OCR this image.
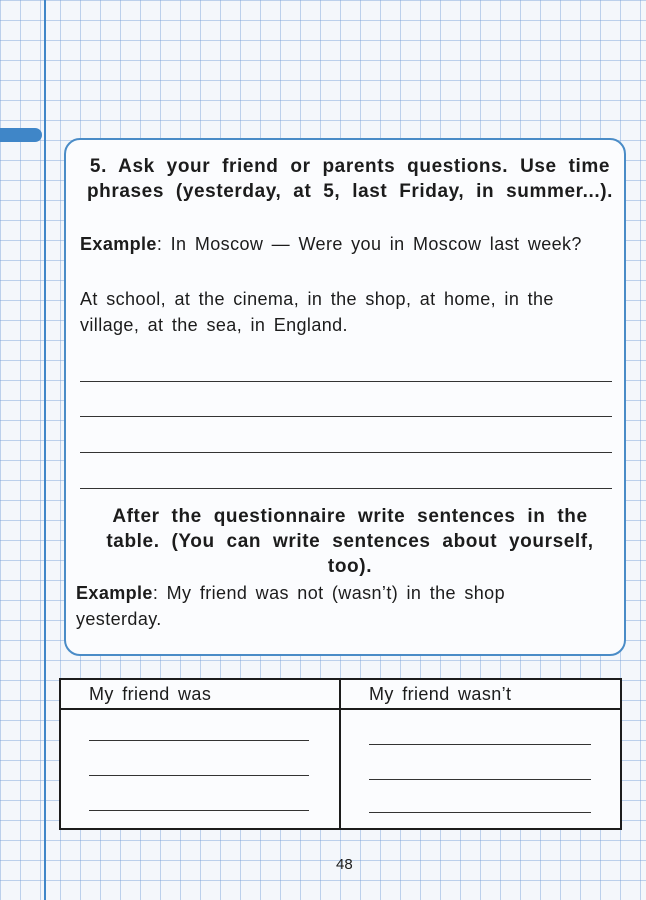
5. Ask your friend or parents questions. Use time phrases (yesterday, at 5, last Friday, in summer...).
Example: In Moscow — Were you in Moscow last week?
At school, at the cinema, in the shop, at home, in the village, at the sea, in England.
After the questionnaire write sentences in the table. (You can write sentences about yourself, too).
Example: My friend was not (wasn’t) in the shop yesterday.
My friend was	My friend wasn’t
48
